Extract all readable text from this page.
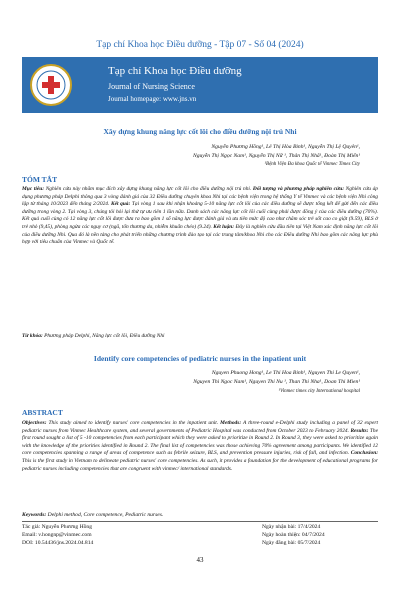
Tạp chí Khoa học Điều dưỡng - Tập 07 - Số 04 (2024)
Tạp chí Khoa học Điều dưỡng
Journal of Nursing Science
Journal homepage: www.jns.vn
Xây dựng khung năng lực cốt lõi cho điều dưỡng nội trú Nhi
Nguyễn Phương Hồng¹, Lê Thị Hòa Bình¹, Nguyễn Thị Lệ Quyên¹,
Nguyễn Thị Ngọc Nam¹, Nguyễn Thị Nữ ¹, Thân Thị Nhã¹, Đoàn Thị Miến¹
¹Bệnh Viện Đa khoa Quốc tế Vinmec Times City
TÓM TẮT
Mục tiêu: Nghiên cứu này nhằm mục đích xây dựng khung năng lực cốt lõi cho điều dưỡng nội trú nhi. Đối tượng và phương pháp nghiên cứu: Nghiên cứu áp dụng phương pháp Delphi thông qua 3 vòng đánh giá của 32 Điều dưỡng chuyên khoa Nhi tại các bệnh viện trong hệ thống Y tế Vinmec và các bệnh viện Nhi công lập từ tháng 10/2023 đến tháng 2/2024. Kết quả: Tại vòng 1 sau khi nhận khoảng 5-10 năng lực cốt lõi của các điều dưỡng sẽ được tổng kết để gửi đến các điều dưỡng trong vòng 2. Tại vòng 3, chúng tôi hỏi lại thứ tự ưu tiên 1 lần nữa. Danh sách các năng lực cốt lõi cuối cùng phải được đồng ý của các điều dưỡng (70%). Kết quả cuối cùng có 12 năng lực cốt lõi được đưa ra bao gồm 1 số năng lực được đánh giá và ưu tiên mức độ cao như chăm sóc trẻ sốt cao co giật (9.59), BLS ở trẻ nhỏ (9,45), phòng ngừa các nguy cơ (ngã, tổn thương da, nhiễm khuẩn chéo) (9.24). Kết luận: Đây là nghiên cứu đầu tiên tại Việt Nam xác định năng lực cốt lõi của điều dưỡng Nhi. Qua đó là nền tảng cho phát triển những chương trình đào tạo tại các trung tâm/khoa Nhi cho các Điều dưỡng Nhi bao gồm các năng lực phù hợp với tiêu chuẩn của Vinmec và Quốc tế.
Từ khóa: Phương pháp Delphi, Năng lực cốt lõi, Điều dưỡng Nhi
Identify core competencies of pediatric nurses in the inpatient unit
Nguyen Phuong Hong¹, Le Thi Hoa Binh¹, Nguyen Thi Le Quyen¹,
Nguyen Thi Ngoc Nam¹, Nguyen Thi Nu ¹, Than Thi Nha¹, Doan Thi Mien¹
¹Vinmec times city International hospital
ABSTRACT
Objectives: This study aimed to identify nurses' core competencies in the inpatient unit. Methods: A three-round e-Delphi study including a panel of 32 expert pediatric nurses from Vinmec Healthcare system, and several governments of Pediatric Hospital was conducted from October 2023 to February 2024. Results: The first round sought a list of 5 -10 competencies from each participant which they were asked to prioritize in Round 2. In Round 3, they were asked to prioritize again with the knowledge of the priorities identified in Round 2. The final list of competencies was those achieving 70% agreement among participants. We identified 12 core competencies spanning a range of areas of competence such as febrile seizure, BLS, and prevention pressure injuries, risk of fall, and infection. Conclusion: This is the first study in Vietnam to delineate pediatric nurses' core competencies. As such, it provides a foundation for the development of educational programs for pediatric nurses including competencies that are congruent with vinmec/ international standards.
Keywords: Delphi method, Core competence, Pediatric nurses.
Tác giả: Nguyễn Phương Hồng
Email: v.hongnp@vinmec.com
DOI: 10.54436/jns.2024.04.814
Ngày nhận bài: 17/4/2024
Ngày hoàn thiện: 04/7/2024
Ngày đăng bài: 05/7/2024
43
